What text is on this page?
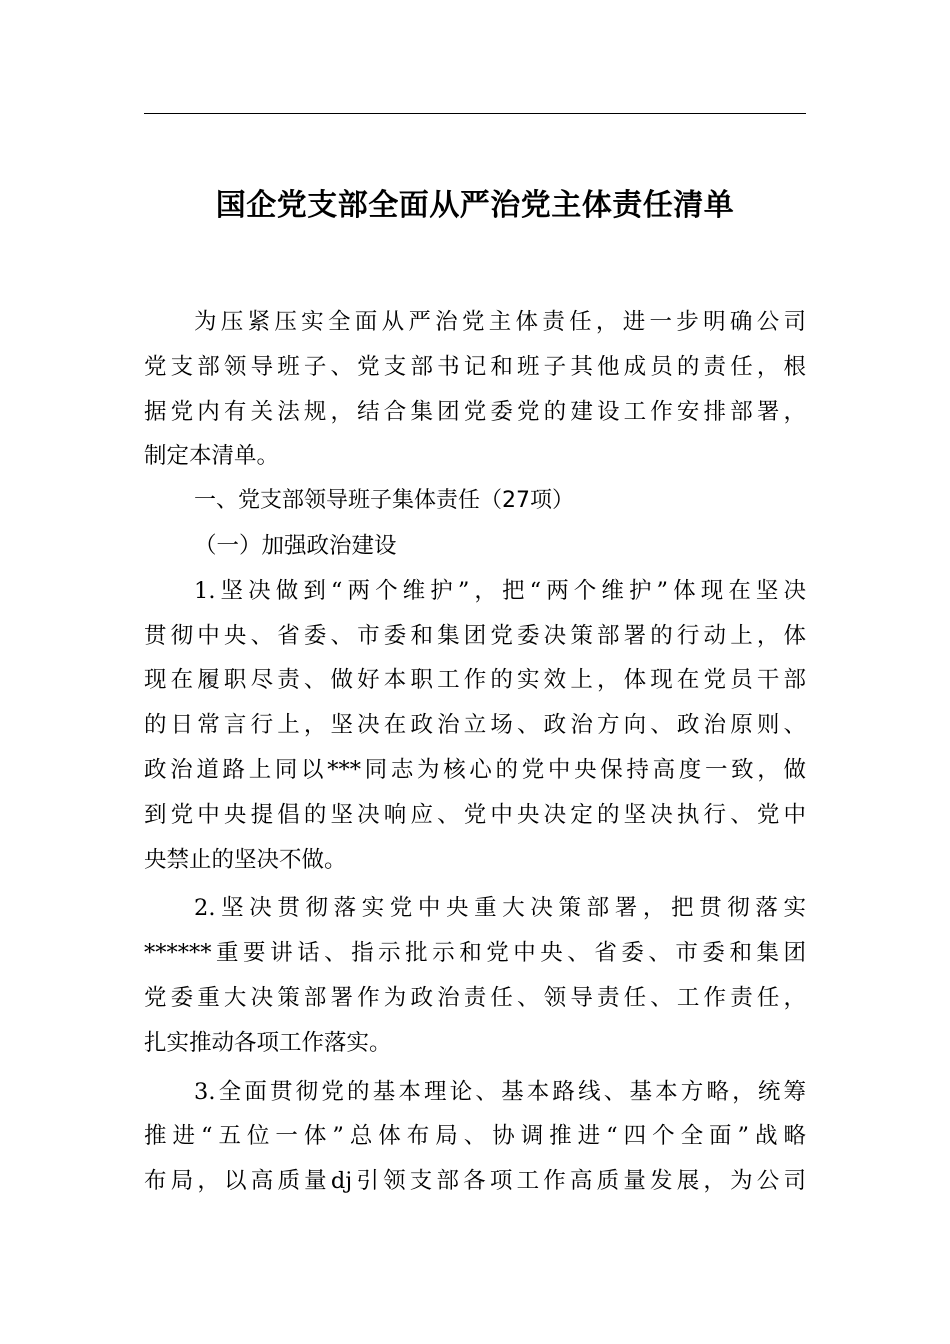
国企党支部全面从严治党主体责任清单
为压紧压实全面从严治党主体责任，进一步明确公司
党支部领导班子、党支部书记和班子其他成员的责任，根
据党内有关法规，结合集团党委党的建设工作安排部署，
制定本清单。
一、党支部领导班子集体责任（27项）
（一）加强政治建设
1.坚决做到“两个维护”，把“两个维护”体现在坚决
贯彻中央、省委、市委和集团党委决策部署的行动上，体
现在履职尽责、做好本职工作的实效上，体现在党员干部
的日常言行上，坚决在政治立场、政治方向、政治原则、
政治道路上同以***同志为核心的党中央保持高度一致，做
到党中央提倡的坚决响应、党中央决定的坚决执行、党中
央禁止的坚决不做。
2.坚决贯彻落实党中央重大决策部署，把贯彻落实
******重要讲话、指示批示和党中央、省委、市委和集团
党委重大决策部署作为政治责任、领导责任、工作责任，
扎实推动各项工作落实。
3.全面贯彻党的基本理论、基本路线、基本方略，统筹
推进“五位一体”总体布局、协调推进“四个全面”战略
布局，以高质量dj引领支部各项工作高质量发展，为公司
